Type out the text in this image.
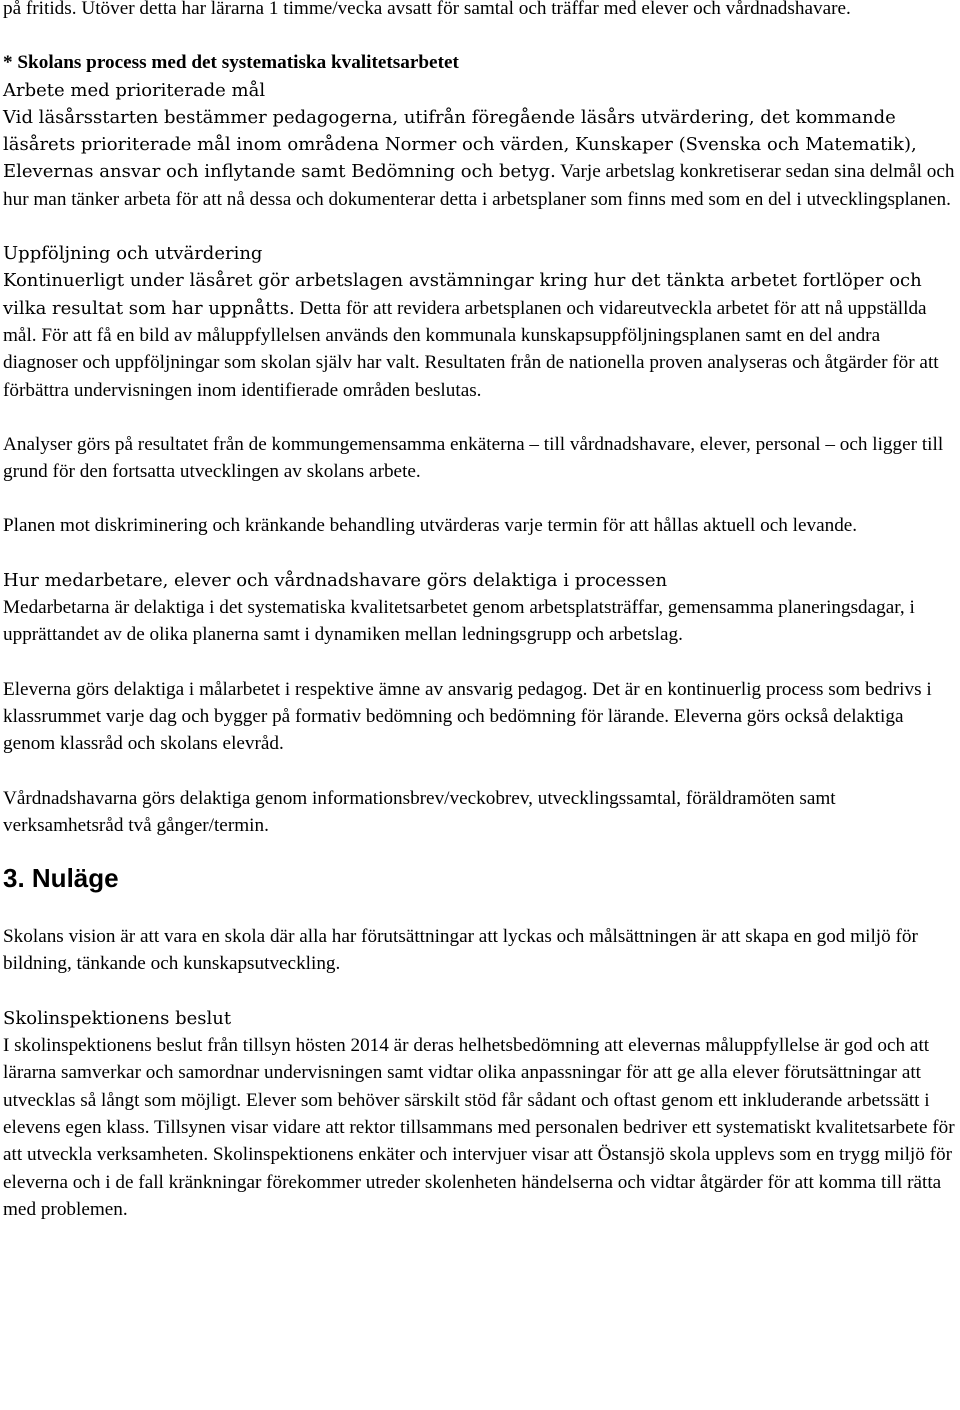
på fritids. Utöver detta har lärarna 1 timme/vecka avsatt för samtal och träffar med elever och vårdnadshavare.

* Skolans process med det systematiska kvalitetsarbetet

Arbete med prioriterade mål

Vid läsårsstarten bestämmer pedagogerna, utifrån föregående läsårs utvärdering, det kommande läsårets prioriterade mål inom områdena Normer och värden, Kunskaper (Svenska och Matematik), Elevernas ansvar och inflytande samt Bedömning och betyg. Varje arbetslag konkretiserar sedan sina delmål och hur man tänker arbeta för att nå dessa och dokumenterar detta i arbetsplaner som finns med som en del i utvecklingsplanen.

Uppföljning och utvärdering

Kontinuerligt under läsåret gör arbetslagen avstämningar kring hur det tänkta arbetet fortlöper och vilka resultat som har uppnåtts. Detta för att revidera arbetsplanen och vidareutveckla arbetet för att nå uppställda mål. För att få en bild av måluppfyllelsen används den kommunala kunskapsuppföljningsplanen samt en del andra diagnoser och uppföljningar som skolan själv har valt. Resultaten från de nationella proven analyseras och åtgärder för att förbättra undervisningen inom identifierade områden beslutas.

Analyser görs på resultatet från de kommungemensamma enkäterna – till vårdnadshavare, elever, personal – och ligger till grund för den fortsatta utvecklingen av skolans arbete.

Planen mot diskriminering och kränkande behandling utvärderas varje termin för att hållas aktuell och levande.

Hur medarbetare, elever och vårdnadshavare görs delaktiga i processen

Medarbetarna är delaktiga i det systematiska kvalitetsarbetet genom arbetsplatsträffar, gemensamma planeringsdagar, i upprättandet av de olika planerna samt i dynamiken mellan ledningsgrupp och arbetslag.

Eleverna görs delaktiga i målarbetet i respektive ämne av ansvarig pedagog. Det är en kontinuerlig process som bedrivs i klassrummet varje dag och bygger på formativ bedömning och bedömning för lärande. Eleverna görs också delaktiga genom klassråd och skolans elevråd.

Vårdnadshavarna görs delaktiga genom informationsbrev/veckobrev, utvecklingssamtal, föräldramöten samt verksamhetsråd två gånger/termin.

3. Nuläge

Skolans vision är att vara en skola där alla har förutsättningar att lyckas och målsättningen är att skapa en god miljö för bildning, tänkande och kunskapsutveckling.

Skolinspektionens beslut

I skolinspektionens beslut från tillsyn hösten 2014 är deras helhetsbedömning att elevernas måluppfyllelse är god och att lärarna samverkar och samordnar undervisningen samt vidtar olika anpassningar för att ge alla elever förutsättningar att utvecklas så långt som möjligt. Elever som behöver särskilt stöd får sådant och oftast genom ett inkluderande arbetssätt i elevens egen klass. Tillsynen visar vidare att rektor tillsammans med personalen bedriver ett systematiskt kvalitetsarbete för att utveckla verksamheten. Skolinspektionens enkäter och intervjuer visar att Östansjö skola upplevs som en trygg miljö för eleverna och i de fall kränkningar förekommer utreder skolenheten händelserna och vidtar åtgärder för att komma till rätta med problemen.
